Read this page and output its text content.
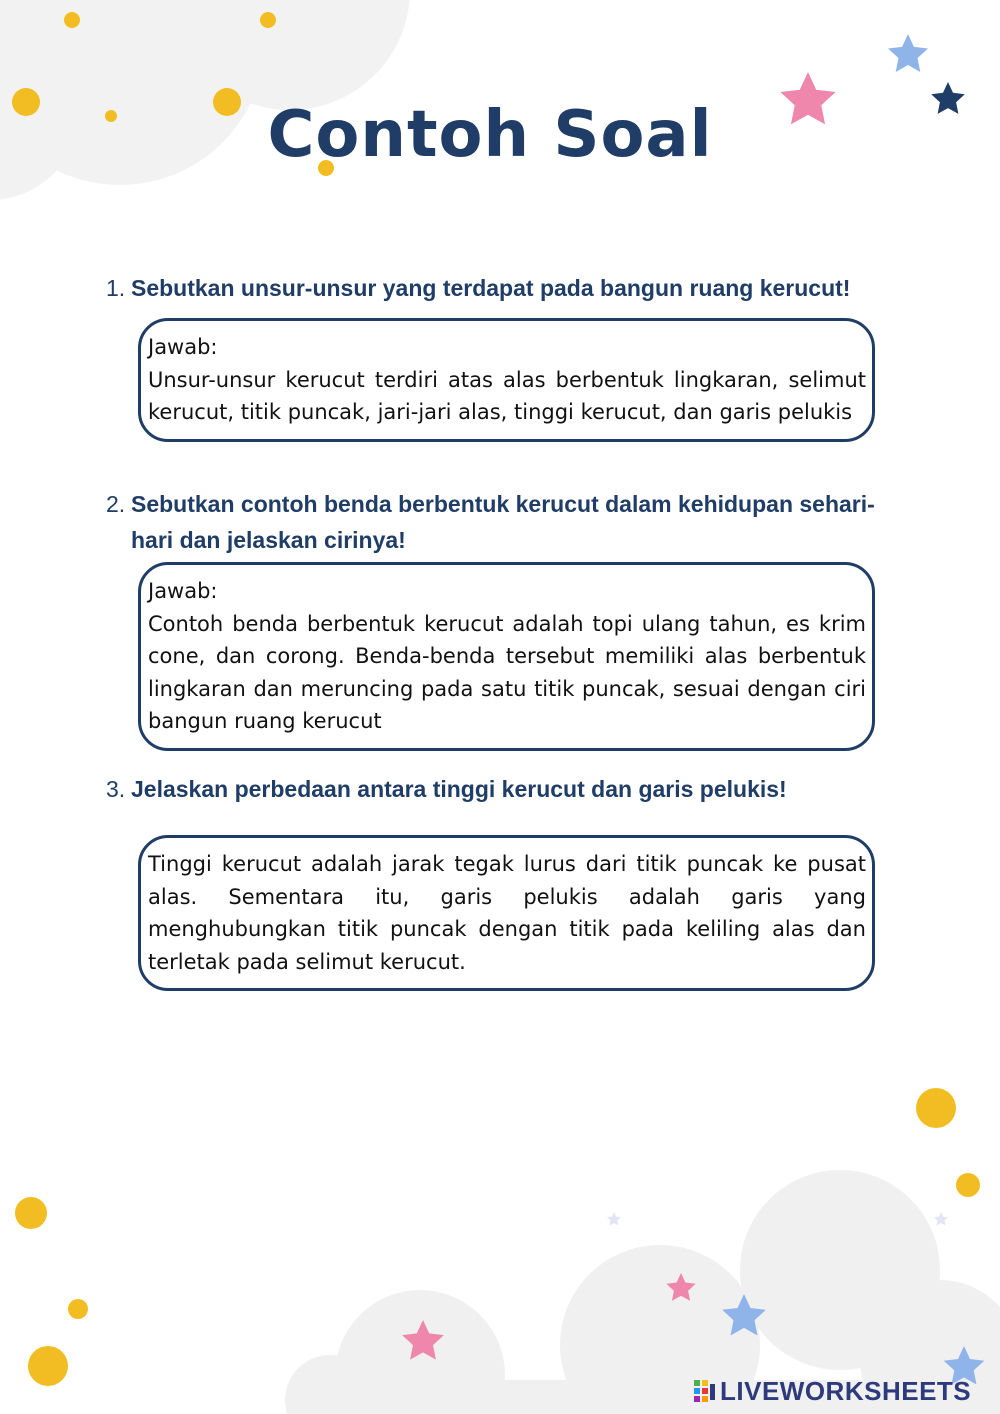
Contoh Soal
1. Sebutkan unsur-unsur yang terdapat pada bangun ruang kerucut!

Jawab:

Unsur-unsur kerucut terdiri atas alas berbentuk lingkaran, selimut kerucut, titik puncak, jari-jari alas, tinggi kerucut, dan garis pelukis

2. Sebutkan contoh benda berbentuk kerucut dalam kehidupan sehari-hari dan jelaskan cirinya!

Jawab:

Contoh benda berbentuk kerucut adalah topi ulang tahun, es krim cone, dan corong. Benda-benda tersebut memiliki alas berbentuk lingkaran dan meruncing pada satu titik puncak, sesuai dengan ciri bangun ruang kerucut

3. Jelaskan perbedaan antara tinggi kerucut dan garis pelukis!

Tinggi kerucut adalah jarak tegak lurus dari titik puncak ke pusat alas. Sementara itu, garis pelukis adalah garis yang menghubungkan titik puncak dengan titik pada keliling alas dan terletak pada selimut kerucut.

LIVEWORKSHEETS
